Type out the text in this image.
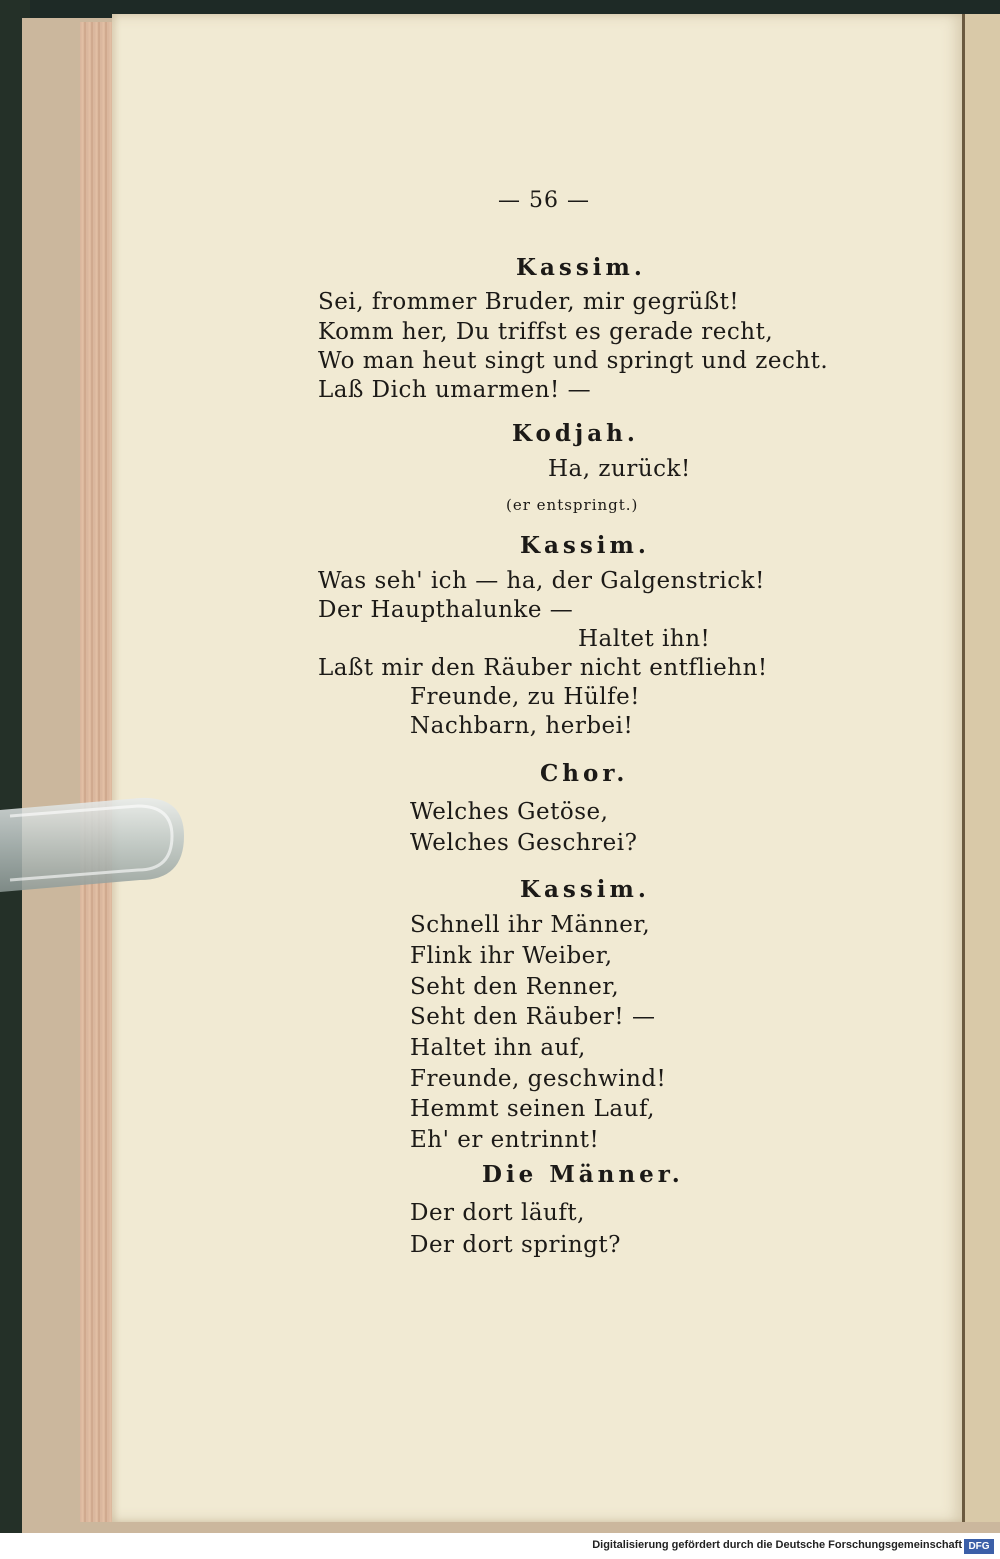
— 56 —
Kassim.
Sei, frommer Bruder, mir gegrüßt!
Komm her, Du triffst es gerade recht,
Wo man heut singt und springt und zecht.
Laß Dich umarmen! —
Kodjah.
Ha, zurück!
(er entspringt.)
Kassim.
Was seh' ich — ha, der Galgenstrick!
Der Haupthalunke —
Haltet ihn!
Laßt mir den Räuber nicht entfliehn!
Freunde, zu Hülfe!
Nachbarn, herbei!
Chor.
Welches Getöse,
Welches Geschrei?
Kassim.
Schnell ihr Männer,
Flink ihr Weiber,
Seht den Renner,
Seht den Räuber! —
Haltet ihn auf,
Freunde, geschwind!
Hemmt seinen Lauf,
Eh' er entrinnt!
Die Männer.
Der dort läuft,
Der dort springt?
Digitalisierung gefördert durch die Deutsche Forschungsgemeinschaft DFG
